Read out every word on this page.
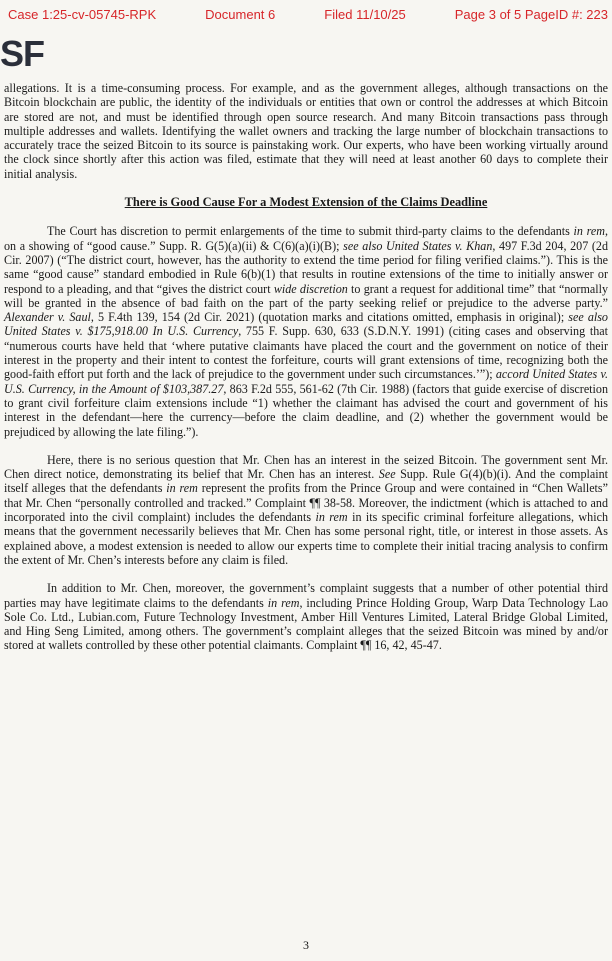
Case 1:25-cv-05745-RPK	Document 6	Filed 11/10/25	Page 3 of 5 PageID #: 223
SF

allegations. It is a time-consuming process. For example, and as the government alleges, although transactions on the Bitcoin blockchain are public, the identity of the individuals or entities that own or control the addresses at which Bitcoin are stored are not, and must be identified through open source research. And many Bitcoin transactions pass through multiple addresses and wallets. Identifying the wallet owners and tracking the large number of blockchain transactions to accurately trace the seized Bitcoin to its source is painstaking work. Our experts, who have been working virtually around the clock since shortly after this action was filed, estimate that they will need at least another 60 days to complete their initial analysis.

There is Good Cause For a Modest Extension of the Claims Deadline

The Court has discretion to permit enlargements of the time to submit third-party claims to the defendants in rem, on a showing of “good cause.” Supp. R. G(5)(a)(ii) & C(6)(a)(i)(B); see also United States v. Khan, 497 F.3d 204, 207 (2d Cir. 2007) (“The district court, however, has the authority to extend the time period for filing verified claims.”). This is the same “good cause” standard embodied in Rule 6(b)(1) that results in routine extensions of the time to initially answer or respond to a pleading, and that “gives the district court wide discretion to grant a request for additional time” that “normally will be granted in the absence of bad faith on the part of the party seeking relief or prejudice to the adverse party.” Alexander v. Saul, 5 F.4th 139, 154 (2d Cir. 2021) (quotation marks and citations omitted, emphasis in original); see also United States v. $175,918.00 In U.S. Currency, 755 F. Supp. 630, 633 (S.D.N.Y. 1991) (citing cases and observing that “numerous courts have held that ‘where putative claimants have placed the court and the government on notice of their interest in the property and their intent to contest the forfeiture, courts will grant extensions of time, recognizing both the good-faith effort put forth and the lack of prejudice to the government under such circumstances.’”); accord United States v. U.S. Currency, in the Amount of $103,387.27, 863 F.2d 555, 561-62 (7th Cir. 1988) (factors that guide exercise of discretion to grant civil forfeiture claim extensions include “1) whether the claimant has advised the court and government of his interest in the defendant—here the currency—before the claim deadline, and (2) whether the government would be prejudiced by allowing the late filing.”).

Here, there is no serious question that Mr. Chen has an interest in the seized Bitcoin. The government sent Mr. Chen direct notice, demonstrating its belief that Mr. Chen has an interest. See Supp. Rule G(4)(b)(i). And the complaint itself alleges that the defendants in rem represent the profits from the Prince Group and were contained in “Chen Wallets” that Mr. Chen “personally controlled and tracked.” Complaint ¶¶ 38-58. Moreover, the indictment (which is attached to and incorporated into the civil complaint) includes the defendants in rem in its specific criminal forfeiture allegations, which means that the government necessarily believes that Mr. Chen has some personal right, title, or interest in those assets. As explained above, a modest extension is needed to allow our experts time to complete their initial tracing analysis to confirm the extent of Mr. Chen’s interests before any claim is filed.

In addition to Mr. Chen, moreover, the government’s complaint suggests that a number of other potential third parties may have legitimate claims to the defendants in rem, including Prince Holding Group, Warp Data Technology Lao Sole Co. Ltd., Lubian.com, Future Technology Investment, Amber Hill Ventures Limited, Lateral Bridge Global Limited, and Hing Seng Limited, among others. The government’s complaint alleges that the seized Bitcoin was mined by and/or stored at wallets controlled by these other potential claimants. Complaint ¶¶ 16, 42, 45-47.

3
